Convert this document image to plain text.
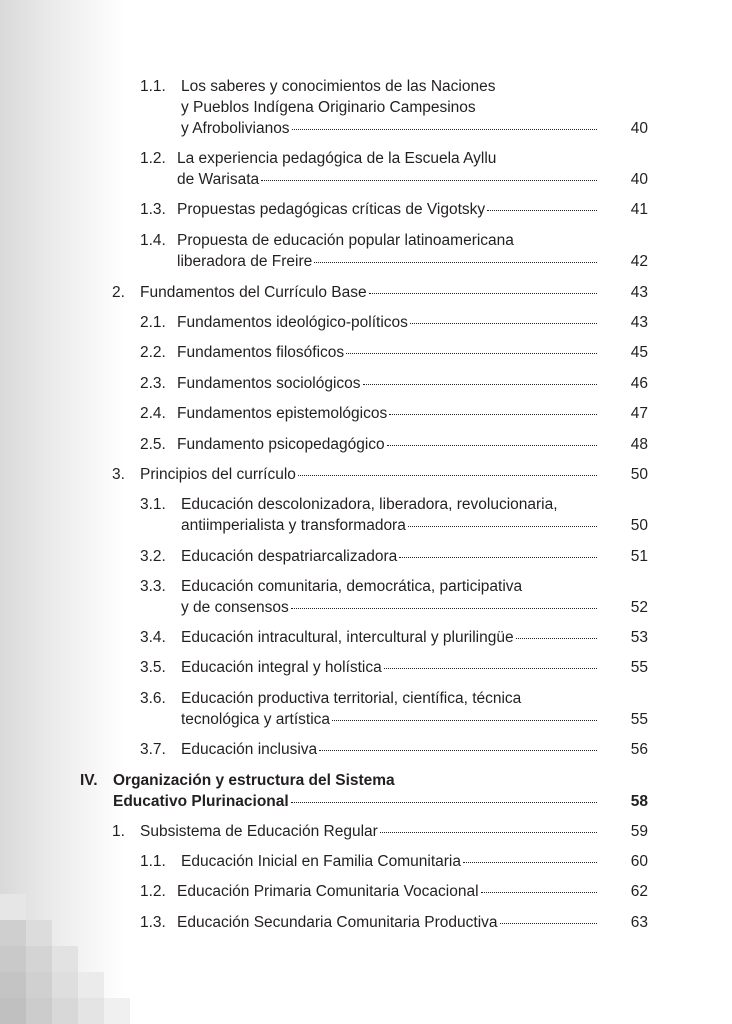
1.1. Los saberes y conocimientos de las Naciones
y Pueblos Indígena Originario Campesinos
y Afrobolivianos	40
1.2. La experiencia pedagógica de la Escuela Ayllu
de Warisata	40
1.3. Propuestas pedagógicas críticas de Vigotsky	41
1.4. Propuesta de educación popular latinoamericana
liberadora de Freire	42
2. Fundamentos del Currículo Base	43
2.1. Fundamentos ideológico-políticos	43
2.2. Fundamentos filosóficos	45
2.3. Fundamentos sociológicos	46
2.4. Fundamentos epistemológicos	47
2.5. Fundamento psicopedagógico	48
3. Principios del currículo	50
3.1. Educación descolonizadora, liberadora, revolucionaria,
antiimperialista y transformadora	50
3.2. Educación despatriarcalizadora	51
3.3. Educación comunitaria, democrática, participativa
y de consensos	52
3.4. Educación intracultural, intercultural y plurilingüe	53
3.5. Educación integral y holística	55
3.6. Educación productiva territorial, científica, técnica
tecnológica y artística	55
3.7. Educación inclusiva	56
IV. Organización y estructura del Sistema
Educativo Plurinacional	58
1. Subsistema de Educación Regular	59
1.1. Educación Inicial en Familia Comunitaria	60
1.2. Educación Primaria Comunitaria Vocacional	62
1.3. Educación Secundaria Comunitaria Productiva	63
